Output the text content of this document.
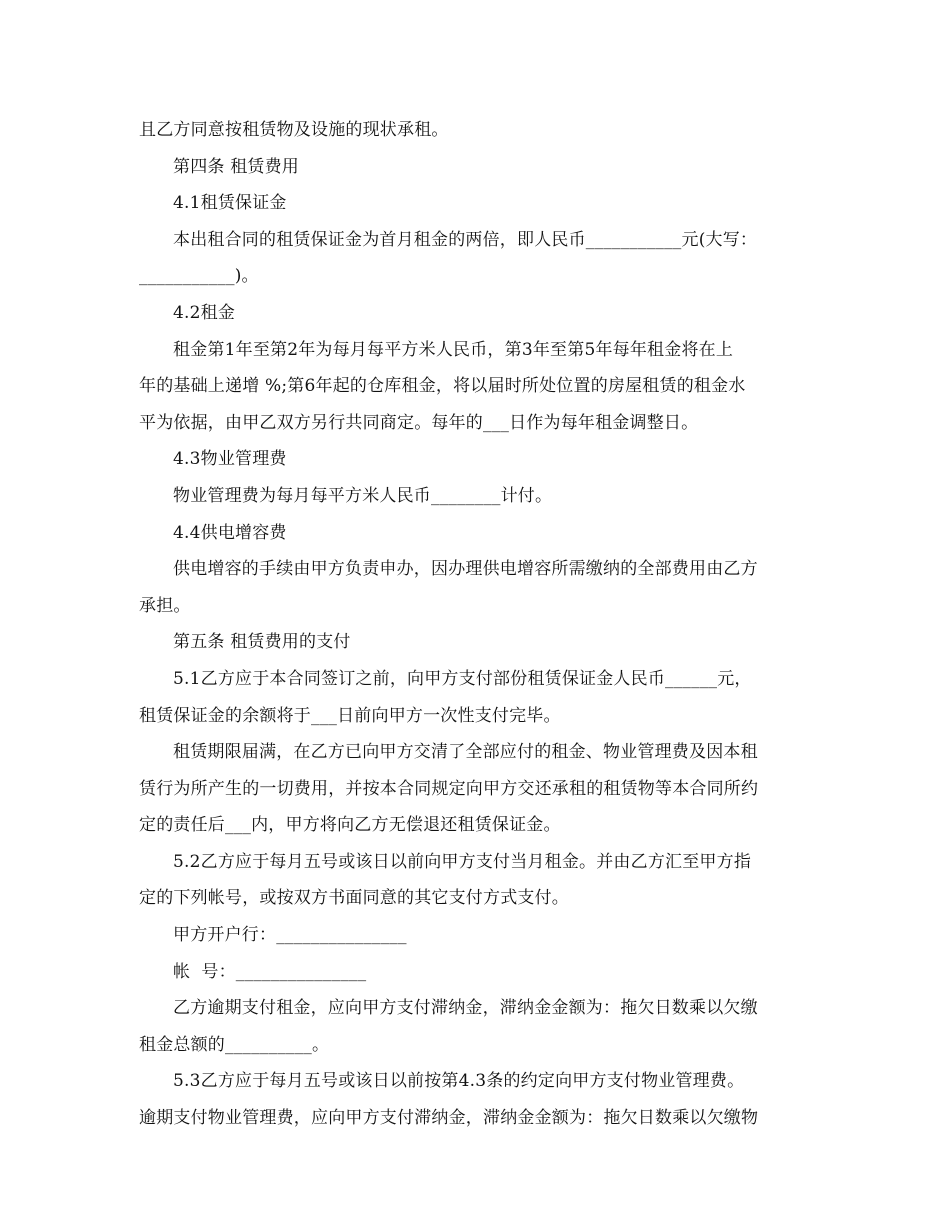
且乙方同意按租赁物及设施的现状承租。

第四条 租赁费用

4.1租赁保证金

本出租合同的租赁保证金为首月租金的两倍，即人民币___________元(大写：

___________)。

4.2租金

租金第1年至第2年为每月每平方米人民币，第3年至第5年每年租金将在上

年的基础上递增 %;第6年起的仓库租金，将以届时所处位置的房屋租赁的租金水

平为依据，由甲乙双方另行共同商定。每年的___日作为每年租金调整日。

4.3物业管理费

物业管理费为每月每平方米人民币________计付。

4.4供电增容费

供电增容的手续由甲方负责申办，因办理供电增容所需缴纳的全部费用由乙方

承担。

第五条 租赁费用的支付

5.1乙方应于本合同签订之前，向甲方支付部份租赁保证金人民币______元，

租赁保证金的余额将于___日前向甲方一次性支付完毕。

租赁期限届满，在乙方已向甲方交清了全部应付的租金、物业管理费及因本租

赁行为所产生的一切费用，并按本合同规定向甲方交还承租的租赁物等本合同所约

定的责任后___内，甲方将向乙方无偿退还租赁保证金。

5.2乙方应于每月五号或该日以前向甲方支付当月租金。并由乙方汇至甲方指

定的下列帐号，或按双方书面同意的其它支付方式支付。

甲方开户行：_______________

帐  号：_______________

乙方逾期支付租金，应向甲方支付滞纳金，滞纳金金额为：拖欠日数乘以欠缴

租金总额的__________。

5.3乙方应于每月五号或该日以前按第4.3条的约定向甲方支付物业管理费。

逾期支付物业管理费，应向甲方支付滞纳金，滞纳金金额为：拖欠日数乘以欠缴物
